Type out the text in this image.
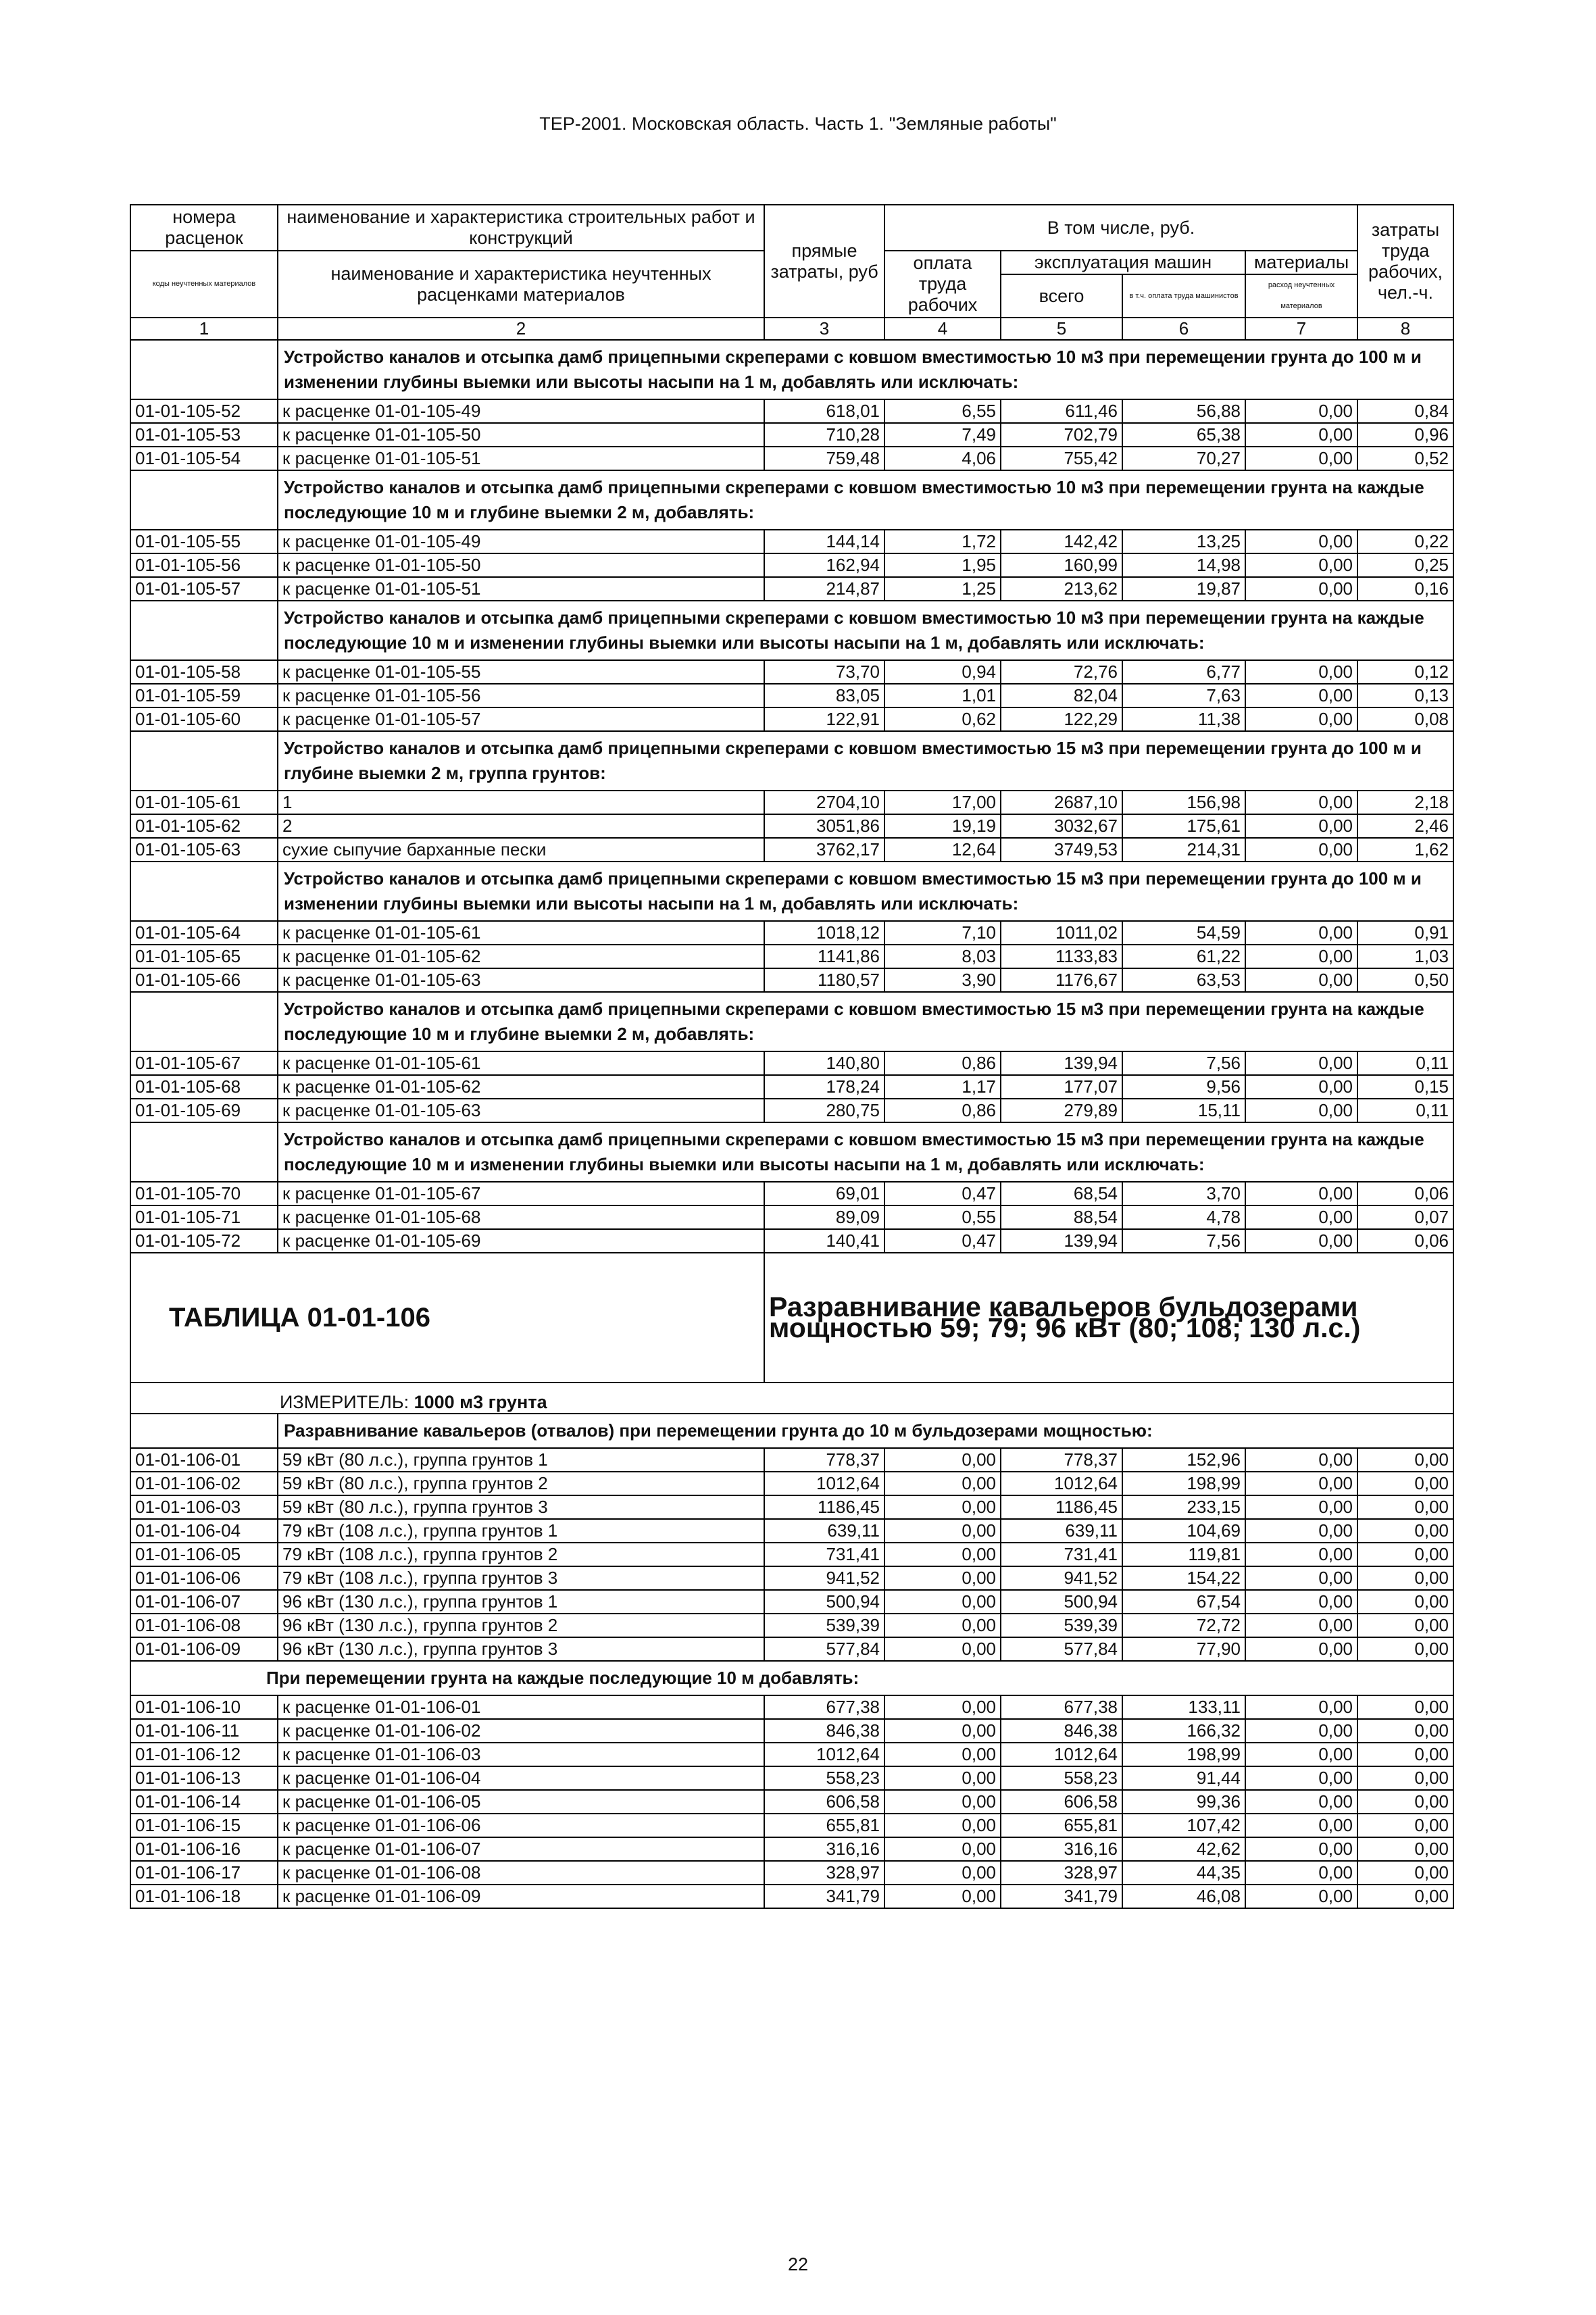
ТЕР-2001. Московская область. Часть 1. "Земляные работы"
номера расценок	наименование и характеристика строительных работ и конструкций	прямые затраты, руб	В том числе, руб.				затраты труда рабочих, чел.-ч.
коды неучтенных материалов	наименование и характеристика неучтенных расценками материалов		оплата труда рабочих	эксплуатация машин		материалы	
				всего	в т.ч. оплата труда машинистов	расход неучтенных материалов	
1	2	3	4	5	6	7	8
	Устройство каналов и отсыпка дамб прицепными скреперами с ковшом вместимостью 10 м3 при перемещении грунта до 100 м и изменении глубины выемки или высоты насыпи на 1 м, добавлять или исключать:						
01-01-105-52	к расценке 01-01-105-49	618,01	6,55	611,46	56,88	0,00	0,84
01-01-105-53	к расценке 01-01-105-50	710,28	7,49	702,79	65,38	0,00	0,96
01-01-105-54	к расценке 01-01-105-51	759,48	4,06	755,42	70,27	0,00	0,52
	Устройство каналов и отсыпка дамб прицепными скреперами с ковшом вместимостью 10 м3 при перемещении грунта на каждые последующие 10 м и глубине выемки 2 м, добавлять:						
01-01-105-55	к расценке 01-01-105-49	144,14	1,72	142,42	13,25	0,00	0,22
01-01-105-56	к расценке 01-01-105-50	162,94	1,95	160,99	14,98	0,00	0,25
01-01-105-57	к расценке 01-01-105-51	214,87	1,25	213,62	19,87	0,00	0,16
	Устройство каналов и отсыпка дамб прицепными скреперами с ковшом вместимостью 10 м3 при перемещении грунта на каждые последующие 10 м и изменении глубины выемки или высоты насыпи на 1 м, добавлять или исключать:						
01-01-105-58	к расценке 01-01-105-55	73,70	0,94	72,76	6,77	0,00	0,12
01-01-105-59	к расценке 01-01-105-56	83,05	1,01	82,04	7,63	0,00	0,13
01-01-105-60	к расценке 01-01-105-57	122,91	0,62	122,29	11,38	0,00	0,08
	Устройство каналов и отсыпка дамб прицепными скреперами с ковшом вместимостью 15 м3 при перемещении грунта до 100 м и глубине выемки 2 м, группа грунтов:						
01-01-105-61	1	2704,10	17,00	2687,10	156,98	0,00	2,18
01-01-105-62	2	3051,86	19,19	3032,67	175,61	0,00	2,46
01-01-105-63	сухие сыпучие барханные пески	3762,17	12,64	3749,53	214,31	0,00	1,62
	Устройство каналов и отсыпка дамб прицепными скреперами с ковшом вместимостью 15 м3 при перемещении грунта до 100 м и изменении глубины выемки или высоты насыпи на 1 м, добавлять или исключать:						
01-01-105-64	к расценке 01-01-105-61	1018,12	7,10	1011,02	54,59	0,00	0,91
01-01-105-65	к расценке 01-01-105-62	1141,86	8,03	1133,83	61,22	0,00	1,03
01-01-105-66	к расценке 01-01-105-63	1180,57	3,90	1176,67	63,53	0,00	0,50
	Устройство каналов и отсыпка дамб прицепными скреперами с ковшом вместимостью 15 м3 при перемещении грунта на каждые последующие 10 м и глубине выемки 2 м, добавлять:						
01-01-105-67	к расценке 01-01-105-61	140,80	0,86	139,94	7,56	0,00	0,11
01-01-105-68	к расценке 01-01-105-62	178,24	1,17	177,07	9,56	0,00	0,15
01-01-105-69	к расценке 01-01-105-63	280,75	0,86	279,89	15,11	0,00	0,11
	Устройство каналов и отсыпка дамб прицепными скреперами с ковшом вместимостью 15 м3 при перемещении грунта на каждые последующие 10 м и изменении глубины выемки или высоты насыпи на 1 м, добавлять или исключать:						
01-01-105-70	к расценке 01-01-105-67	69,01	0,47	68,54	3,70	0,00	0,06
01-01-105-71	к расценке 01-01-105-68	89,09	0,55	88,54	4,78	0,00	0,07
01-01-105-72	к расценке 01-01-105-69	140,41	0,47	139,94	7,56	0,00	0,06
ТАБЛИЦА 01-01-106		Разравнивание кавальеров бульдозерами мощностью 59; 79; 96 кВт (80; 108; 130 л.с.)					
ИЗМЕРИТЕЛЬ: 1000 м3 грунта							
	Разравнивание кавальеров (отвалов) при перемещении грунта до 10 м бульдозерами мощностью:						
01-01-106-01	59 кВт (80 л.с.), группа грунтов 1	778,37	0,00	778,37	152,96	0,00	0,00
01-01-106-02	59 кВт (80 л.с.), группа грунтов 2	1012,64	0,00	1012,64	198,99	0,00	0,00
01-01-106-03	59 кВт (80 л.с.), группа грунтов 3	1186,45	0,00	1186,45	233,15	0,00	0,00
01-01-106-04	79 кВт (108 л.с.), группа грунтов 1	639,11	0,00	639,11	104,69	0,00	0,00
01-01-106-05	79 кВт (108 л.с.), группа грунтов 2	731,41	0,00	731,41	119,81	0,00	0,00
01-01-106-06	79 кВт (108 л.с.), группа грунтов 3	941,52	0,00	941,52	154,22	0,00	0,00
01-01-106-07	96 кВт (130 л.с.), группа грунтов 1	500,94	0,00	500,94	67,54	0,00	0,00
01-01-106-08	96 кВт (130 л.с.), группа грунтов 2	539,39	0,00	539,39	72,72	0,00	0,00
01-01-106-09	96 кВт (130 л.с.), группа грунтов 3	577,84	0,00	577,84	77,90	0,00	0,00
При перемещении грунта на каждые последующие 10 м добавлять:							
01-01-106-10	к расценке 01-01-106-01	677,38	0,00	677,38	133,11	0,00	0,00
01-01-106-11	к расценке 01-01-106-02	846,38	0,00	846,38	166,32	0,00	0,00
01-01-106-12	к расценке 01-01-106-03	1012,64	0,00	1012,64	198,99	0,00	0,00
01-01-106-13	к расценке 01-01-106-04	558,23	0,00	558,23	91,44	0,00	0,00
01-01-106-14	к расценке 01-01-106-05	606,58	0,00	606,58	99,36	0,00	0,00
01-01-106-15	к расценке 01-01-106-06	655,81	0,00	655,81	107,42	0,00	0,00
01-01-106-16	к расценке 01-01-106-07	316,16	0,00	316,16	42,62	0,00	0,00
01-01-106-17	к расценке 01-01-106-08	328,97	0,00	328,97	44,35	0,00	0,00
01-01-106-18	к расценке 01-01-106-09	341,79	0,00	341,79	46,08	0,00	0,00
22
